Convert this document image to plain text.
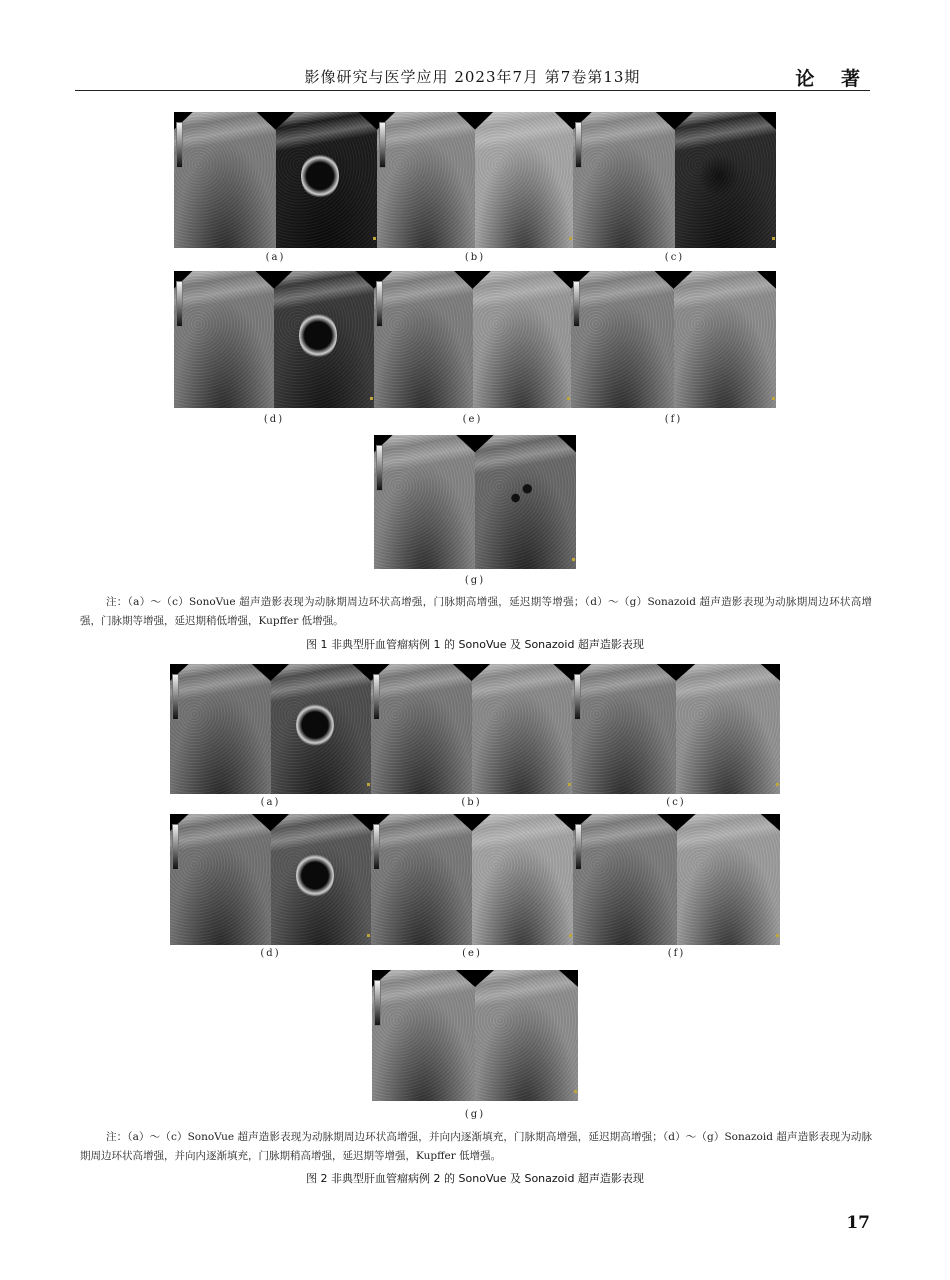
影像研究与医学应用 2023年7月 第7卷第13期	论 著
(a)	(b)	(c)
(d)	(e)	(f)
(g)
注：（a）～（c）SonoVue 超声造影表现为动脉期周边环状高增强，门脉期高增强，延迟期等增强；（d）～（g）Sonazoid 超声造影表现为动脉期周边环状高增强，门脉期等增强，延迟期稍低增强，Kupffer 低增强。
图 1 非典型肝血管瘤病例 1 的 SonoVue 及 Sonazoid 超声造影表现
(a)	(b)	(c)
(d)	(e)	(f)
(g)
注：（a）～（c）SonoVue 超声造影表现为动脉期周边环状高增强，并向内逐渐填充，门脉期高增强，延迟期高增强；（d）～（g）Sonazoid 超声造影表现为动脉期周边环状高增强，并向内逐渐填充，门脉期稍高增强，延迟期等增强，Kupffer 低增强。
图 2 非典型肝血管瘤病例 2 的 SonoVue 及 Sonazoid 超声造影表现
17
